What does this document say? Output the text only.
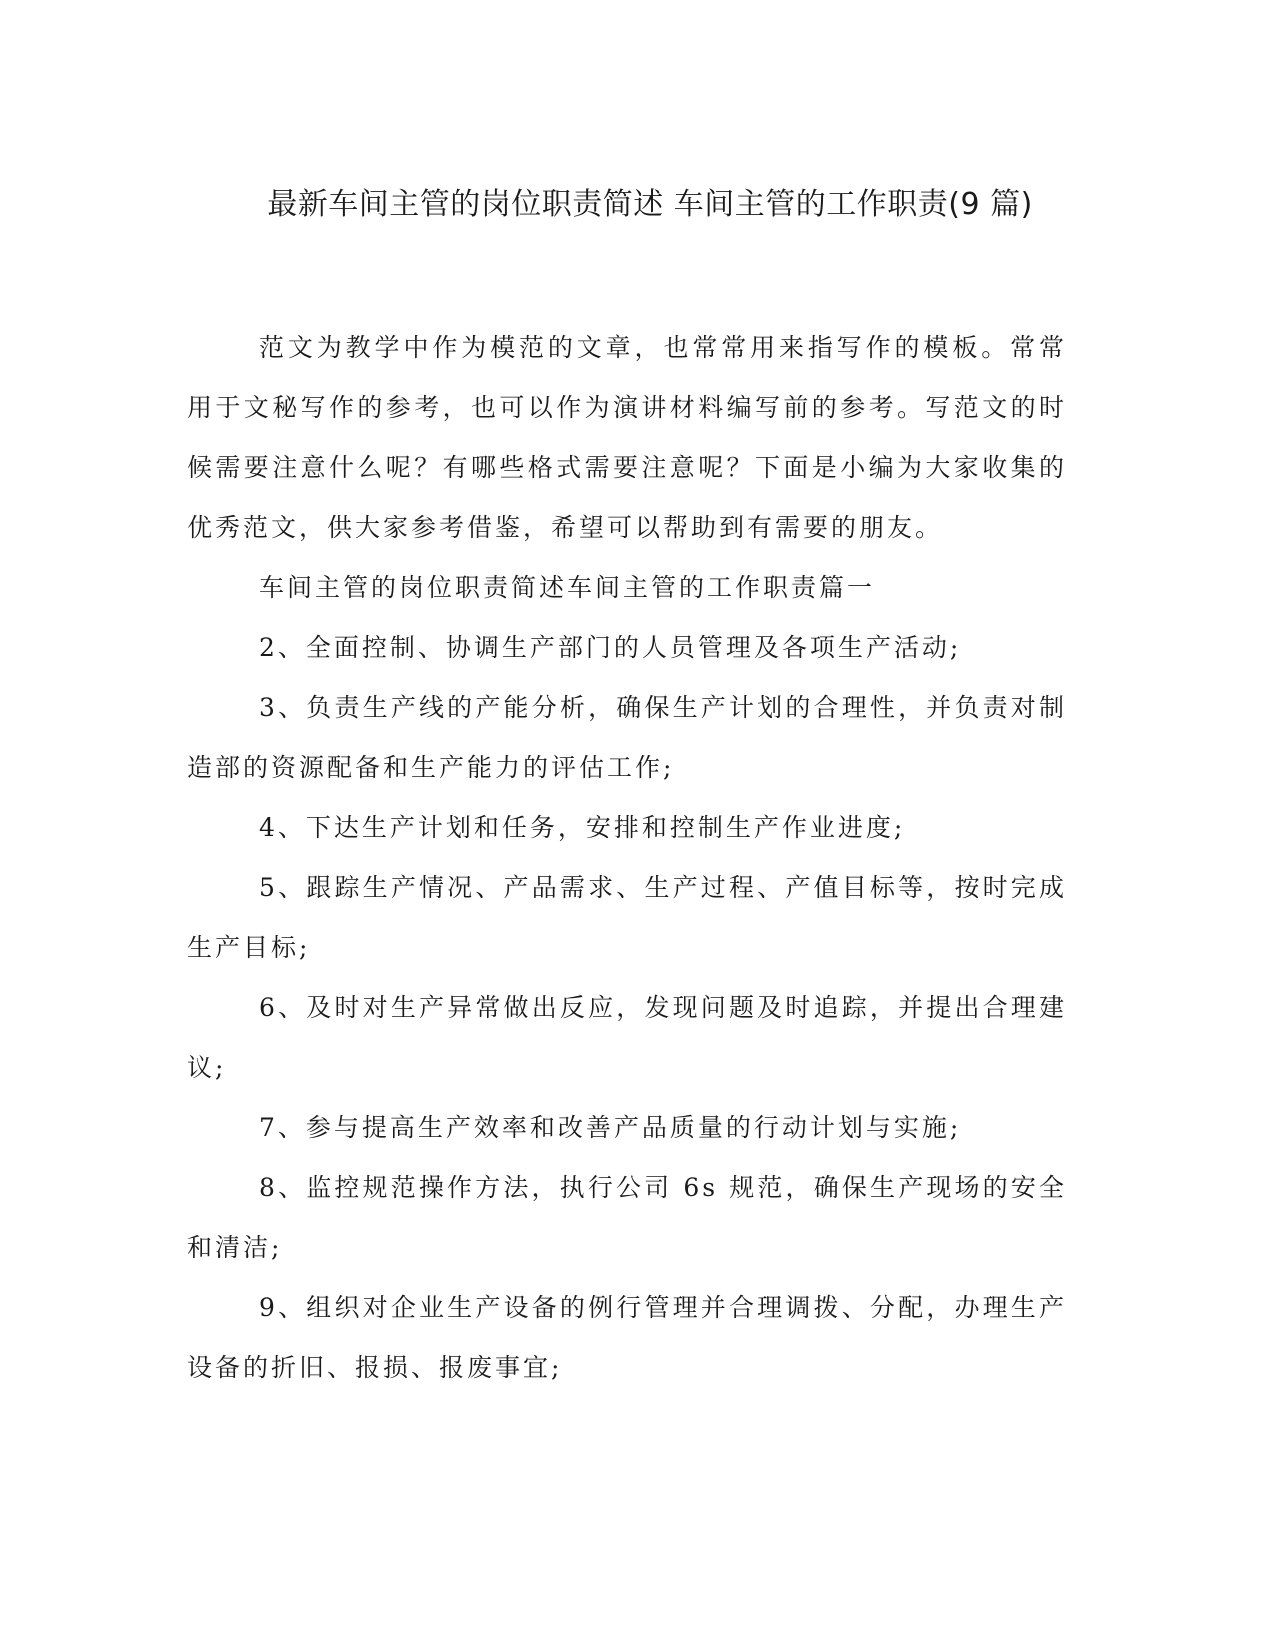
最新车间主管的岗位职责简述 车间主管的工作职责(9 篇)

范文为教学中作为模范的文章，也常常用来指写作的模板。常常用于文秘写作的参考，也可以作为演讲材料编写前的参考。写范文的时候需要注意什么呢？有哪些格式需要注意呢？下面是小编为大家收集的优秀范文，供大家参考借鉴，希望可以帮助到有需要的朋友。

车间主管的岗位职责简述车间主管的工作职责篇一

2、全面控制、协调生产部门的人员管理及各项生产活动;

3、负责生产线的产能分析，确保生产计划的合理性，并负责对制造部的资源配备和生产能力的评估工作;

4、下达生产计划和任务，安排和控制生产作业进度;

5、跟踪生产情况、产品需求、生产过程、产值目标等，按时完成生产目标;

6、及时对生产异常做出反应，发现问题及时追踪，并提出合理建议;

7、参与提高生产效率和改善产品质量的行动计划与实施;

8、监控规范操作方法，执行公司 6s 规范，确保生产现场的安全和清洁;

9、组织对企业生产设备的例行管理并合理调拨、分配，办理生产设备的折旧、报损、报废事宜;
